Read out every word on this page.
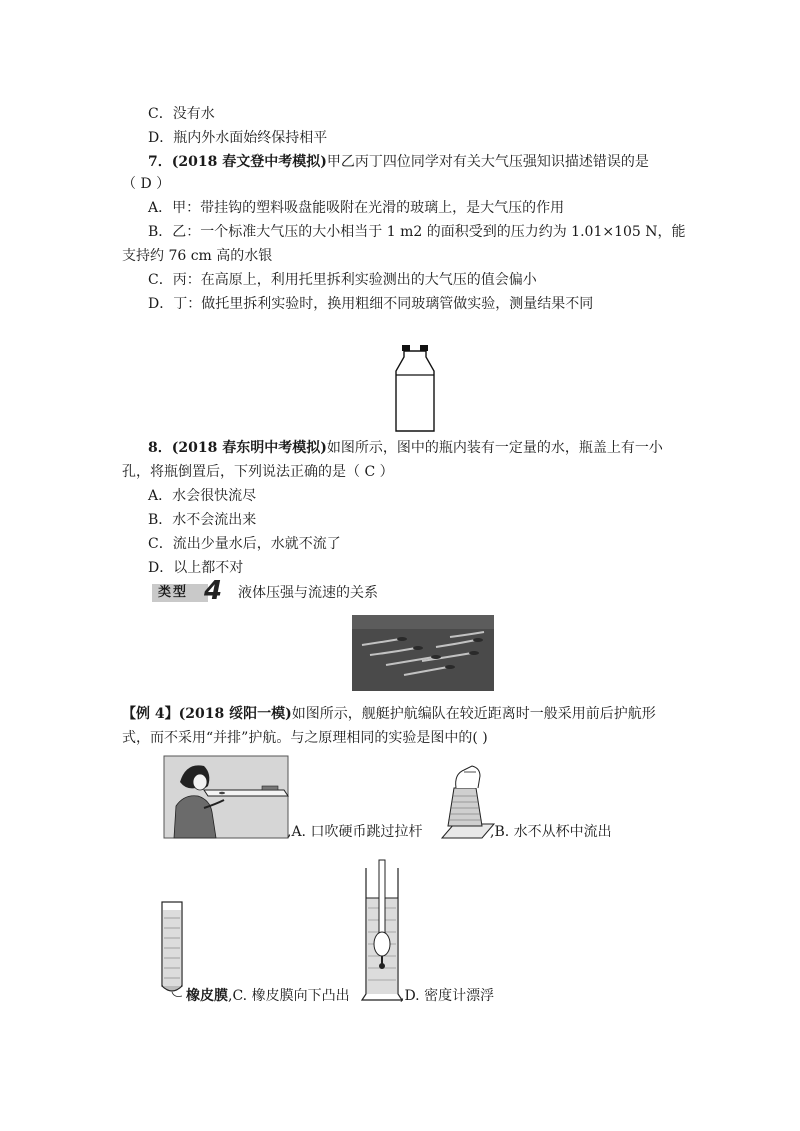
C．没有水
D．瓶内外水面始终保持相平
7．(2018 春文登中考模拟)甲乙丙丁四位同学对有关大气压强知识描述错误的是
（ D ）
A．甲：带挂钩的塑料吸盘能吸附在光滑的玻璃上，是大气压的作用
B．乙：一个标准大气压的大小相当于 1 m2 的面积受到的压力约为 1.01×105 N，能
支持约 76 cm 高的水银
C．丙：在高原上，利用托里拆利实验测出的大气压的值会偏小
D．丁：做托里拆利实验时，换用粗细不同玻璃管做实验，测量结果不同
8．(2018 春东明中考模拟)如图所示，图中的瓶内装有一定量的水，瓶盖上有一小
孔，将瓶倒置后，下列说法正确的是（ C ）
A．水会很快流尽
B．水不会流出来
C．流出少量水后，水就不流了
D．以上都不对
类型 4 液体压强与流速的关系
【例 4】(2018 绥阳一模)如图所示，舰艇护航编队在较近距离时一般采用前后护航形
式，而不采用“并排”护航。与之原理相同的实验是图中的( )
,A. 口吹硬币跳过拉杆	,B. 水不从杯中流出
橡皮膜,C. 橡皮膜向下凸出	,D. 密度计漂浮
